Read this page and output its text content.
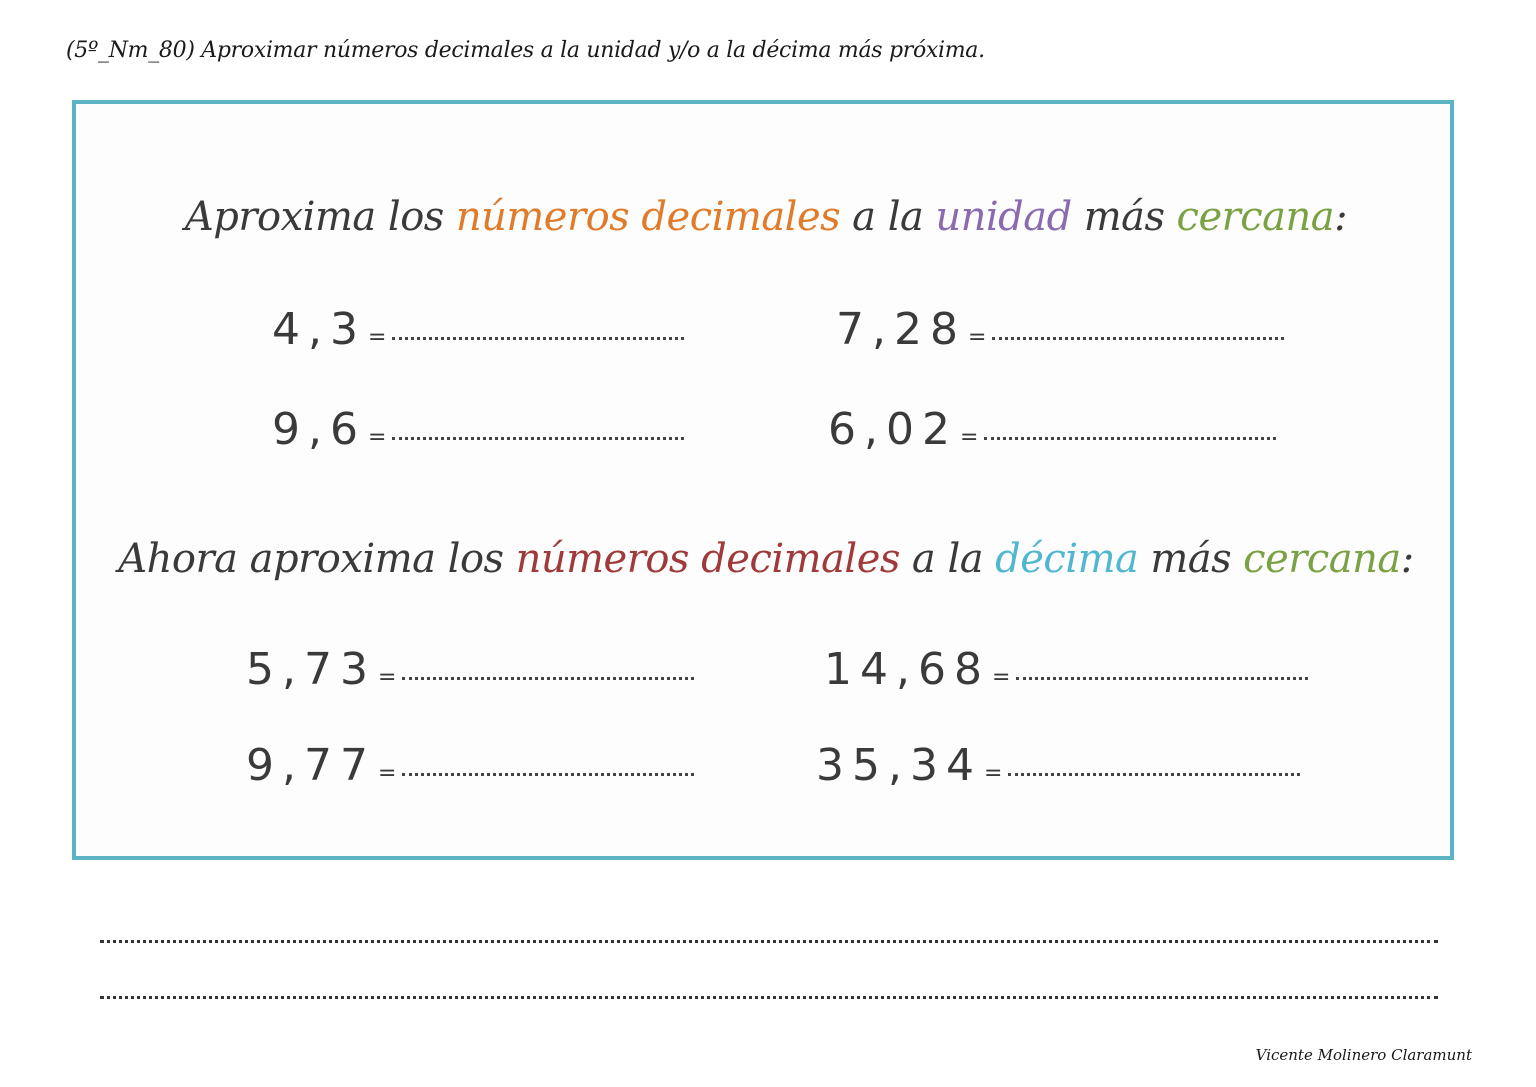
(5º_Nm_80) Aproximar números decimales a la unidad y/o a la décima más próxima.
Aproxima los números decimales a la unidad más cercana:
4,3 =	7,28 =
9,6 =	6,02 =
Ahora aproxima los números decimales a la décima más cercana:
5,73 =	14,68 =
9,77 =	35,34 =
Vicente Molinero Claramunt
